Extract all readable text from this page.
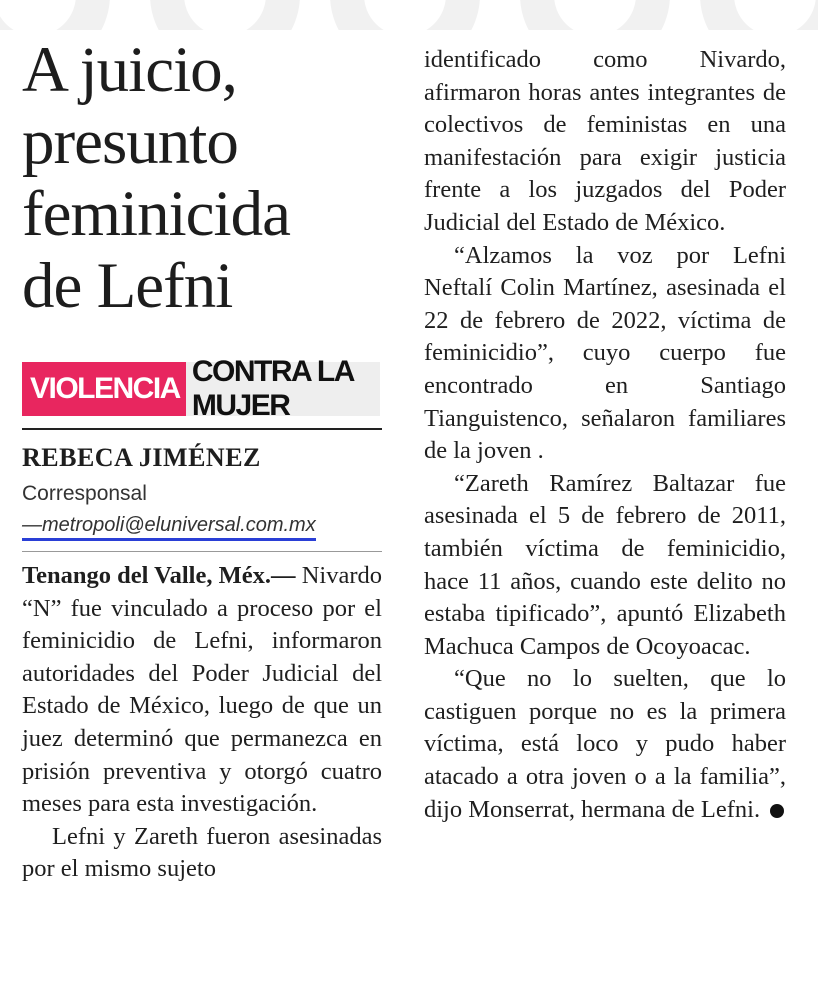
A juicio,
presunto
feminicida
de Lefni
VIOLENCIA
CONTRA LA MUJER
REBECA JIMÉNEZ
Corresponsal
—metropoli@eluniversal.com.mx

Tenango del Valle, Méx.— Nivardo “N” fue vinculado a proceso por el feminicidio de Lefni, informaron autoridades del Poder Judicial del Estado de México, luego de que un juez determinó que permanezca en prisión preventiva y otorgó cuatro meses para esta investigación.

Lefni y Zareth fueron asesinadas por el mismo sujeto

identificado como Nivardo, afirmaron horas antes integrantes de colectivos de feministas en una manifestación para exigir justicia frente a los juzgados del Poder Judicial del Estado de México.

“Alzamos la voz por Lefni Neftalí Colin Martínez, asesinada el 22 de febrero de 2022, víctima de feminicidio”, cuyo cuerpo fue encontrado en Santiago Tianguistenco, señalaron familiares de la joven .

“Zareth Ramírez Baltazar fue asesinada el 5 de febrero de 2011, también víctima de feminicidio, hace 11 años, cuando este delito no estaba tipificado”, apuntó Elizabeth Machuca Campos de Ocoyoacac.

“Que no lo suelten, que lo castiguen porque no es la primera víctima, está loco y pudo haber atacado a otra joven o a la familia”, dijo Monserrat, hermana de Lefni.
